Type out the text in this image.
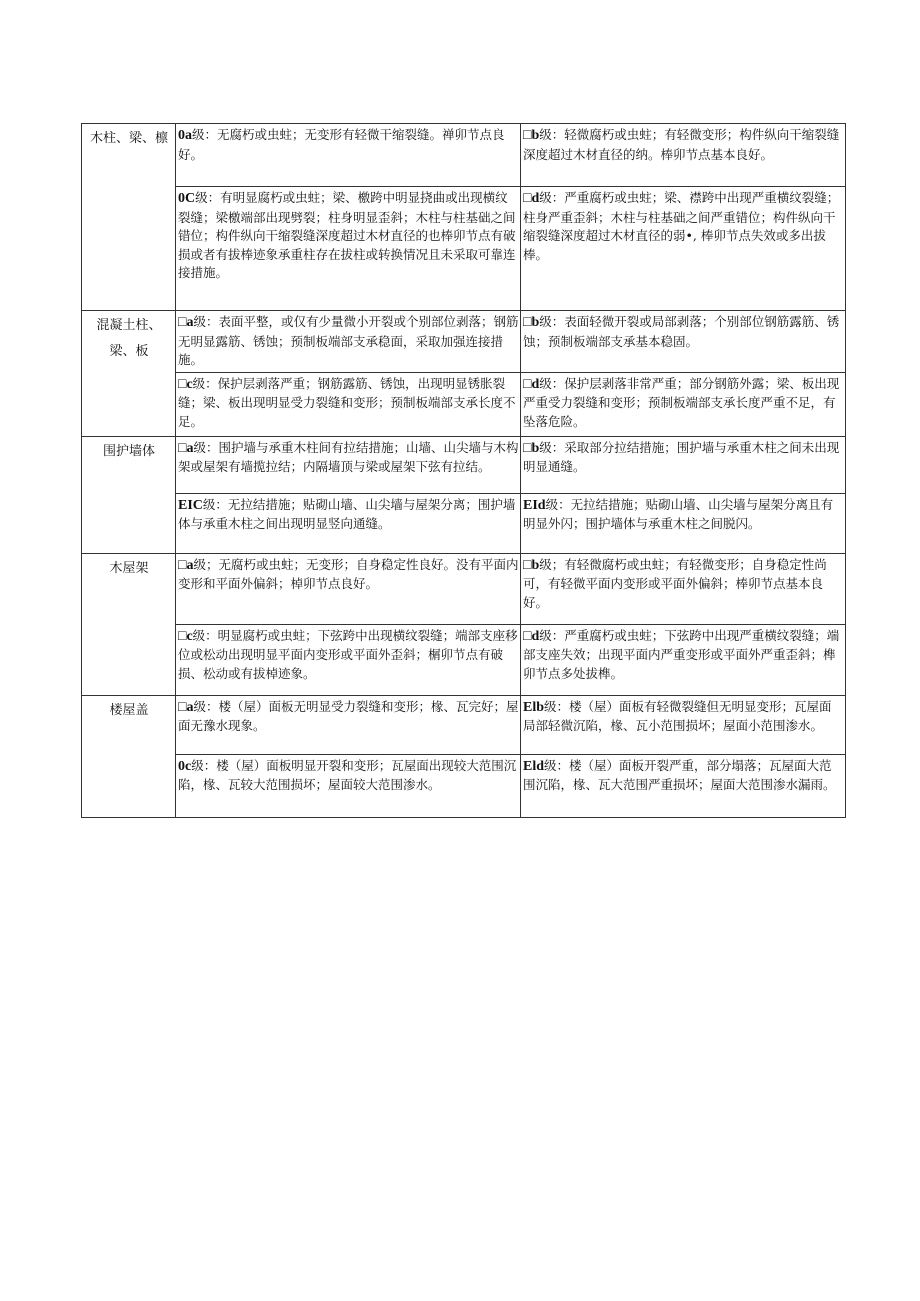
木柱、梁、檩	0a级：无腐朽或虫蛀；无变形有轻微干缩裂缝。禅卯节点良好。	□b级：轻微腐朽或虫蛀；有轻微变形；构件纵向干缩裂缝深度超过木材直径的纳。棒卯节点基本良好。
	0C级：有明显腐朽或虫蛀；梁、檄跨中明显挠曲或出现横纹裂缝；梁檄端部出现劈裂；柱身明显歪斜；木柱与柱基础之间错位；构件纵向干缩裂缝深度超过木材直径的也棒卯节点有破损或者有拔棒迹象承重柱存在拔柱或转换情况且未采取可靠连接措施。	□d级：严重腐朽或虫蛀；梁、襟跨中出现严重横纹裂缝；柱身严重歪斜；木柱与柱基础之间严重错位；构件纵向干缩裂缝深度超过木材直径的弱•, 棒卯节点失效或多出拔棒。
混凝土柱、梁、板	□a级：表面平整，或仅有少量微小开裂或个别部位剥落；钢筋无明显露筋、锈蚀；预制板端部支承稳面，采取加强连接措施。	□b级：表面轻微开裂或局部剥落；个别部位钢筋露筋、锈蚀；预制板端部支承基本稳固。
	□c级：保护层剥落严重；钢筋露筋、锈蚀，出现明显锈胀裂缝；梁、板出现明显受力裂缝和变形；预制板端部支承长度不足。	□d级：保护层剥落非常严重；部分钢筋外露；梁、板出现严重受力裂缝和变形；预制板端部支承长度严重不足，有坠落危险。
围护墙体	□a级：围护墙与承重木柱间有拉结措施；山墙、山尖墙与木构架或屋架有墙揽拉结；内隔墙顶与梁或屋架下弦有拉结。	□b级：采取部分拉结措施；围护墙与承重木柱之间未出现明显通缝。
	EIC级：无拉结措施；贴砌山墙、山尖墙与屋架分离；围护墙体与承重木柱之间出现明显竖向通缝。	EId级：无拉结措施；贴砌山墙、山尖墙与屋架分离且有明显外闪；围护墙体与承重木柱之间脱闪。
木屋架	□a级；无腐朽或虫蛀；无变形；自身稳定性良好。没有平面内变形和平面外偏斜；棹卯节点良好。	□b级；有轻微腐朽或虫蛀；有轻微变形；自身稳定性尚可，有轻微平面内变形或平面外偏斜；棒卯节点基本良好。
	□c级：明显腐朽或虫蛀；下弦跨中出现横纹裂缝；端部支座移位或松动出现明显平面内变形或平面外歪斜；榍卯节点有破损、松动或有拔棹迹象。	□d级：严重腐朽或虫蛀；下弦跨中出现严重横纹裂缝；端部支座失效；出现平面内严重变形或平面外严重歪斜；榫卯节点多处拔榫。
楼屋盖	□a级：楼（屋）面板无明显受力裂缝和变形；椽、瓦完好；屋面无豫水现象。	Elb级：楼（屋）面板有轻微裂缝但无明显变形；瓦屋面局部轻微沉陷，椽、瓦小范围损坏；屋面小范围渗水。
	0c级：楼（屋）面板明显开裂和变形；瓦屋面出现较大范围沉陷，椽、瓦较大范围损坏；屋面较大范围渗水。	Eld级：楼（屋）面板开裂严重，部分塌落；瓦屋面大范围沉陷，椽、瓦大范围严重损坏；屋面大范围渗水漏雨。
